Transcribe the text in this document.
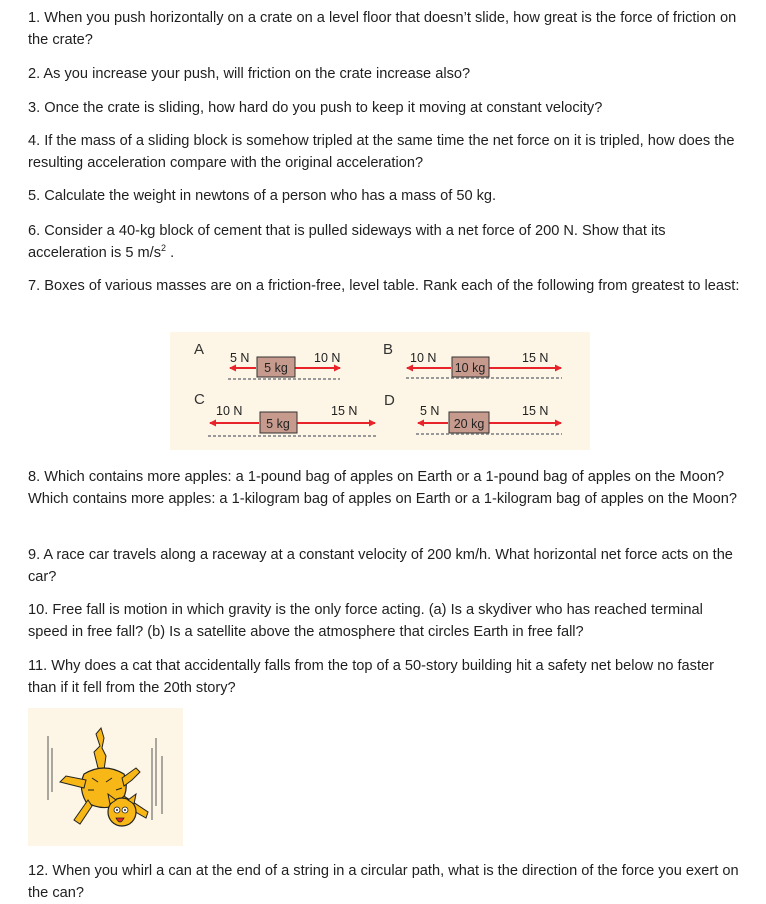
1. When you push horizontally on a crate on a level floor that doesn’t slide, how great is the force of friction on the crate?

2. As you increase your push, will friction on the crate increase also?

3. Once the crate is sliding, how hard do you push to keep it moving at constant velocity?

4. If the mass of a sliding block is somehow tripled at the same time the net force on it is tripled, how does the resulting acceleration compare with the original acceleration?

5. Calculate the weight in newtons of a person who has a mass of 50 kg.

6. Consider a 40-kg block of cement that is pulled sideways with a net force of 200 N. Show that its acceleration is 5 $m/s^2$ .

7. Boxes of various masses are on a friction-free, level table. Rank each of the following from greatest to least:

A
5 kg
5 N	10 N	B
10 kg
10 N	15 N
C
5 kg
10 N	15 N
D
20 kg
5 N	15 N

8. Which contains more apples: a 1-pound bag of apples on Earth or a 1-pound bag of apples on the Moon? Which contains more apples: a 1-kilogram bag of apples on Earth or a 1-kilogram bag of apples on the Moon?

9. A race car travels along a raceway at a constant velocity of 200 km/h. What horizontal net force acts on the car?

10. Free fall is motion in which gravity is the only force acting. (a) Is a skydiver who has reached terminal speed in free fall? (b) Is a satellite above the atmosphere that circles Earth in free fall?

11. Why does a cat that accidentally falls from the top of a 50-story building hit a safety net below no faster than if it fell from the 20th story?

12. When you whirl a can at the end of a string in a circular path, what is the direction of the force you exert on the can?
